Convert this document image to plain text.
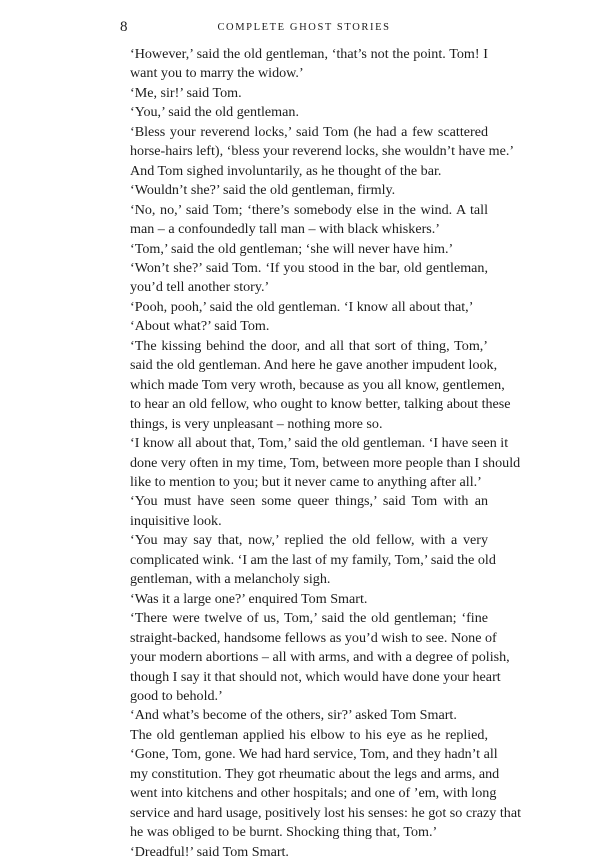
8	COMPLETE GHOST STORIES

‘However,’ said the old gentleman, ‘that’s not the point. Tom! I
want you to marry the widow.’

‘Me, sir!’ said Tom.

‘You,’ said the old gentleman.

‘Bless your reverend locks,’ said Tom (he had a few scattered
horse-hairs left), ‘bless your reverend locks, she wouldn’t have me.’
And Tom sighed involuntarily, as he thought of the bar.

‘Wouldn’t she?’ said the old gentleman, firmly.

‘No, no,’ said Tom; ‘there’s somebody else in the wind. A tall
man – a confoundedly tall man – with black whiskers.’

‘Tom,’ said the old gentleman; ‘she will never have him.’

‘Won’t she?’ said Tom. ‘If you stood in the bar, old gentleman,
you’d tell another story.’

‘Pooh, pooh,’ said the old gentleman. ‘I know all about that,’

‘About what?’ said Tom.

‘The kissing behind the door, and all that sort of thing, Tom,’
said the old gentleman. And here he gave another impudent look,
which made Tom very wroth, because as you all know, gentlemen,
to hear an old fellow, who ought to know better, talking about these
things, is very unpleasant – nothing more so.

‘I know all about that, Tom,’ said the old gentleman. ‘I have seen it
done very often in my time, Tom, between more people than I should
like to mention to you; but it never came to anything after all.’

‘You must have seen some queer things,’ said Tom with an
inquisitive look.

‘You may say that, now,’ replied the old fellow, with a very
complicated wink. ‘I am the last of my family, Tom,’ said the old
gentleman, with a melancholy sigh.

‘Was it a large one?’ enquired Tom Smart.

‘There were twelve of us, Tom,’ said the old gentleman; ‘fine
straight-backed, handsome fellows as you’d wish to see. None of
your modern abortions – all with arms, and with a degree of polish,
though I say it that should not, which would have done your heart
good to behold.’

‘And what’s become of the others, sir?’ asked Tom Smart.

The old gentleman applied his elbow to his eye as he replied,
‘Gone, Tom, gone. We had hard service, Tom, and they hadn’t all
my constitution. They got rheumatic about the legs and arms, and
went into kitchens and other hospitals; and one of ’em, with long
service and hard usage, positively lost his senses: he got so crazy that
he was obliged to be burnt. Shocking thing that, Tom.’

‘Dreadful!’ said Tom Smart.
